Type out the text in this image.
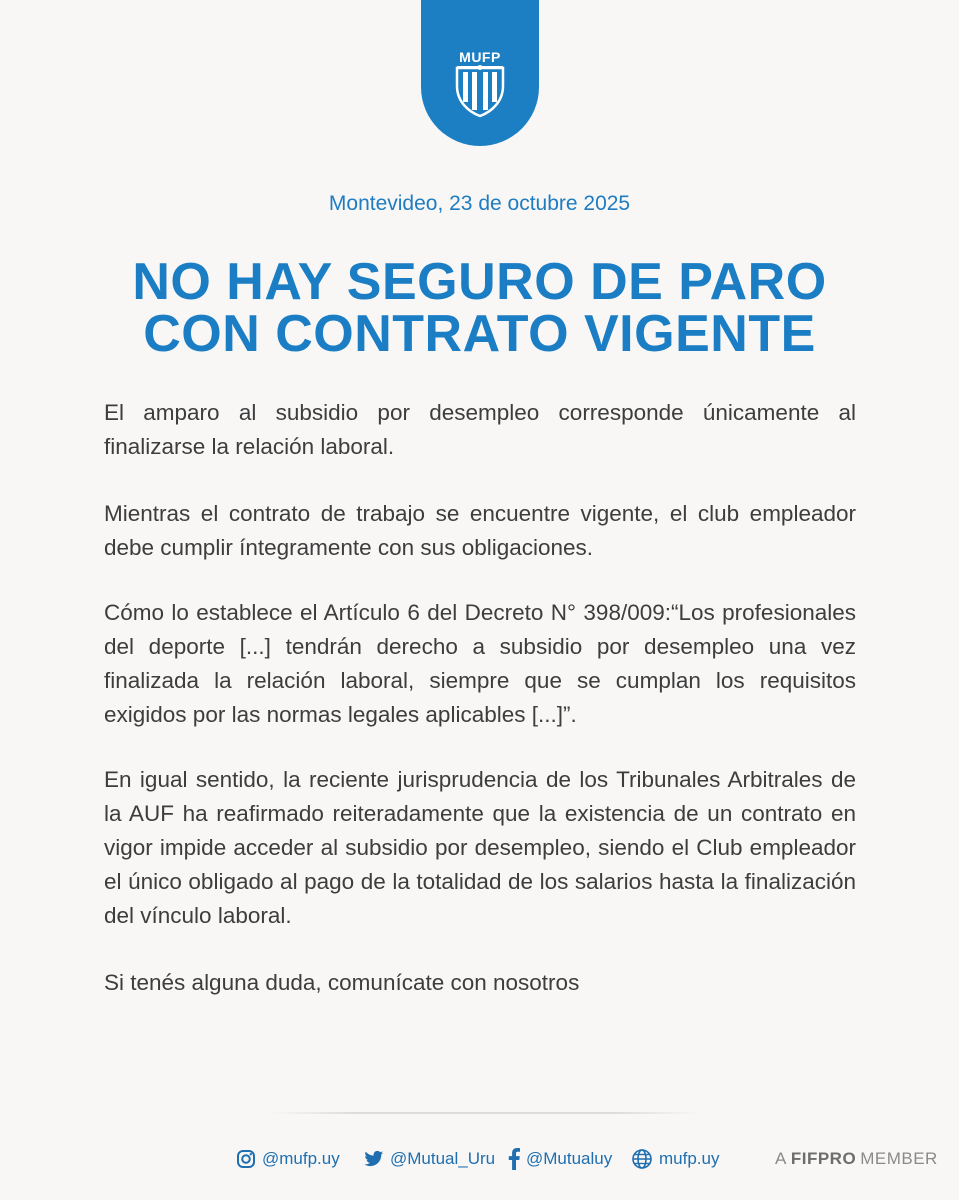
MUFP
Montevideo, 23 de octubre 2025
NO HAY SEGURO DE PARO
CON CONTRATO VIGENTE

El amparo al subsidio por desempleo corresponde únicamente al finalizarse la relación laboral.

Mientras el contrato de trabajo se encuentre vigente, el club empleador debe cumplir íntegramente con sus obligaciones.

Cómo lo establece el Artículo 6 del Decreto N° 398/009:“Los profesionales del deporte [...] tendrán derecho a subsidio por desempleo una vez finalizada la relación laboral, siempre que se cumplan los requisitos exigidos por las normas legales aplicables [...]”.

En igual sentido, la reciente jurisprudencia de los Tribunales Arbitrales de la AUF ha reafirmado reiteradamente que la existencia de un contrato en vigor impide acceder al subsidio por desempleo, siendo el Club empleador el único obligado al pago de la totalidad de los salarios hasta la finalización del vínculo laboral.

Si tenés alguna duda, comunícate con nosotros

@mufp.uy	@Mutual_Uru @Mutualuy	mufp.uy	A FIFPRO MEMBER
